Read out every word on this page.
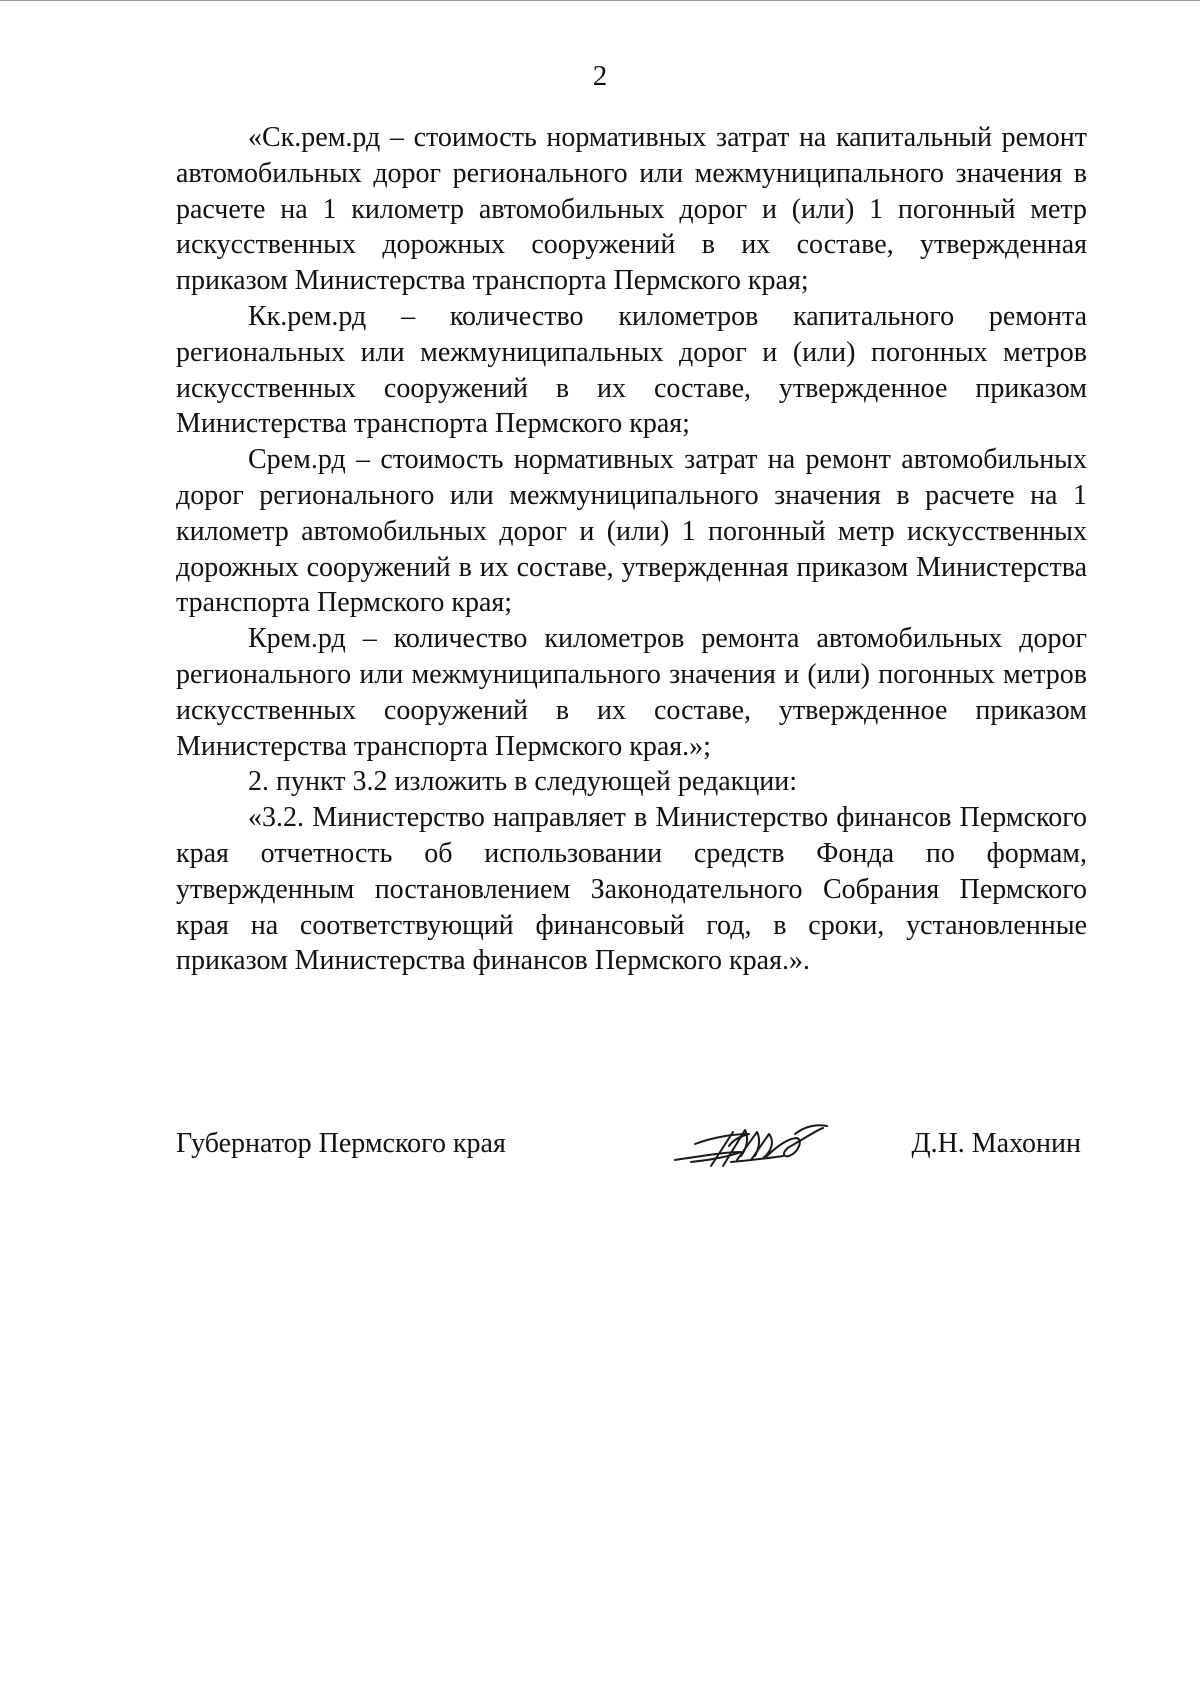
2

«Ск.рем.рд – стоимость нормативных затрат на капитальный ремонт автомобильных дорог регионального или межмуниципального значения в расчете на 1 километр автомобильных дорог и (или) 1 погонный метр искусственных дорожных сооружений в их составе, утвержденная приказом Министерства транспорта Пермского края;

Кк.рем.рд – количество километров капитального ремонта региональных или межмуниципальных дорог и (или) погонных метров искусственных сооружений в их составе, утвержденное приказом Министерства транспорта Пермского края;

Срем.рд – стоимость нормативных затрат на ремонт автомобильных дорог регионального или межмуниципального значения в расчете на 1 километр автомобильных дорог и (или) 1 погонный метр искусственных дорожных сооружений в их составе, утвержденная приказом Министерства транспорта Пермского края;

Крем.рд – количество километров ремонта автомобильных дорог регионального или межмуниципального значения и (или) погонных метров искусственных сооружений в их составе, утвержденное приказом Министерства транспорта Пермского края.»;

2. пункт 3.2 изложить в следующей редакции:

«3.2. Министерство направляет в Министерство финансов Пермского края отчетность об использовании средств Фонда по формам, утвержденным постановлением Законодательного Собрания Пермского края на соответствующий финансовый год, в сроки, установленные приказом Министерства финансов Пермского края.».

Губернатор Пермского края	Д.Н. Махонин
